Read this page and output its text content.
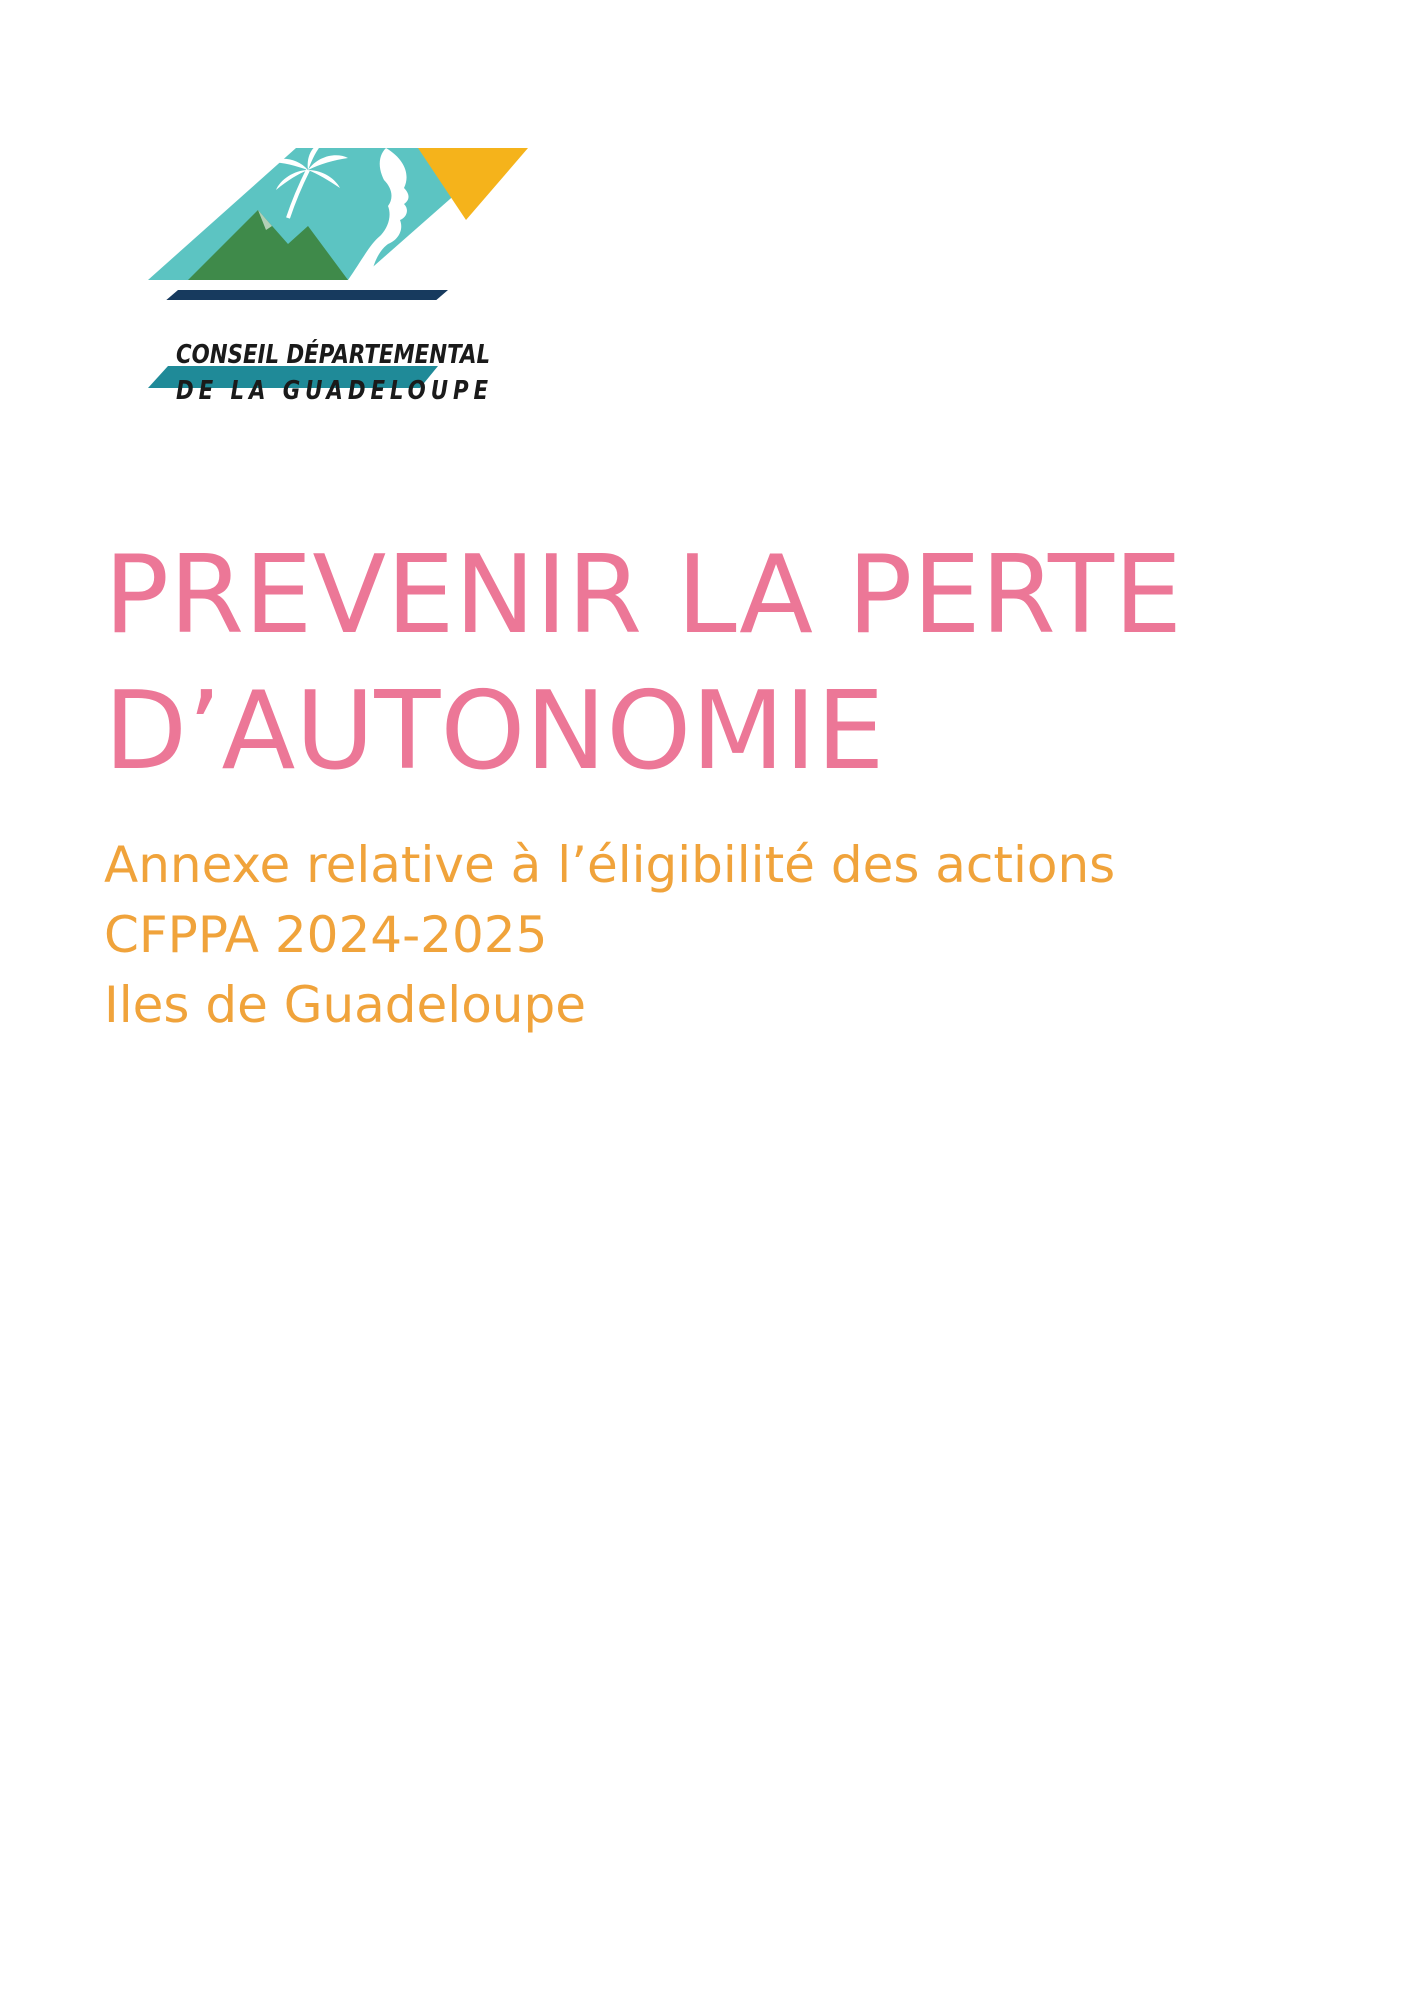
CONSEIL DÉPARTEMENTAL
DE LA GUADELOUPE
PREVENIR LA PERTE
D’AUTONOMIE
Annexe relative à l’éligibilité des actions
CFPPA 2024-2025
Iles de Guadeloupe
